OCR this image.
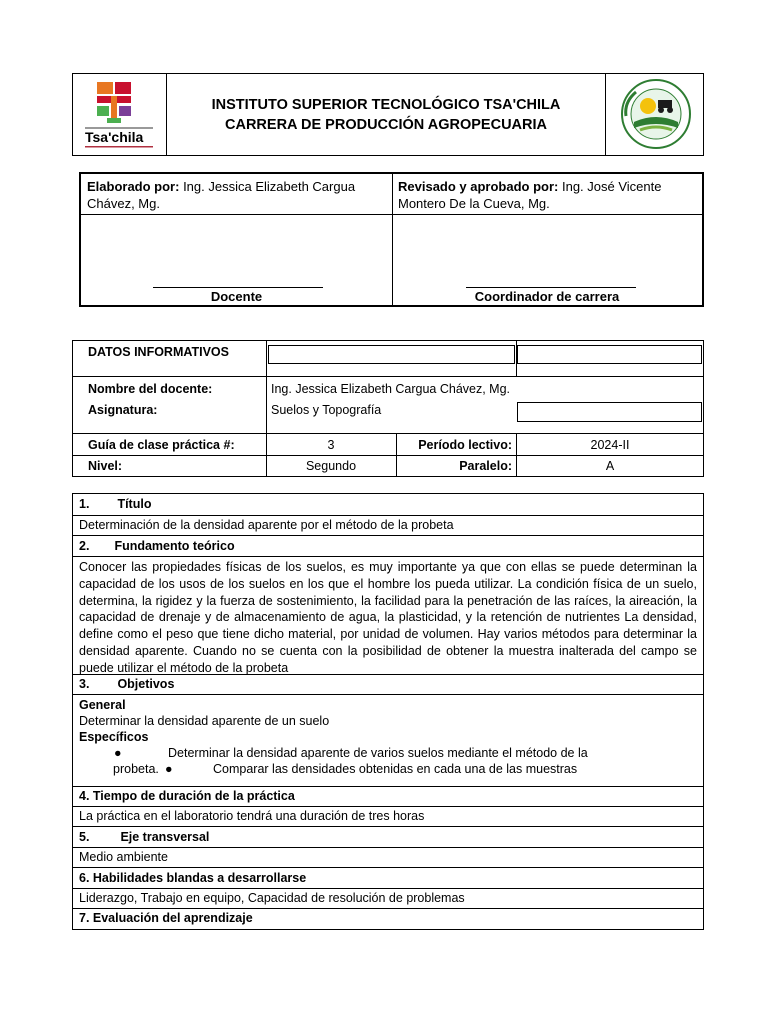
Tsa'chila
INSTITUTO SUPERIOR TECNOLÓGICO TSA'CHILA
CARRERA DE PRODUCCIÓN AGROPECUARIA
Elaborado por: Ing. Jessica Elizabeth Cargua Chávez, Mg.
Docente
Revisado y aprobado por: Ing. José Vicente Montero De la Cueva, Mg.
Coordinador de carrera
DATOS INFORMATIVOS
Nombre del docente:	Ing. Jessica Elizabeth Cargua Chávez, Mg.
Asignatura:	Suelos y Topografía
Guía de clase práctica #:	3	Período lectivo:	2024-II
Nivel:	Segundo	Paralelo:	A
1. Título
Determinación de la densidad aparente por el método de la probeta
2. Fundamento teórico
Conocer las propiedades físicas de los suelos, es muy importante ya que con ellas se puede determinan la capacidad de los usos de los suelos en los que el hombre los pueda utilizar. La condición física de un suelo, determina, la rigidez y la fuerza de sostenimiento, la facilidad para la penetración de las raíces, la aireación, la capacidad de drenaje y de almacenamiento de agua, la plasticidad, y la retención de nutrientes La densidad, define como el peso que tiene dicho material, por unidad de volumen. Hay varios métodos para determinar la densidad aparente. Cuando no se cuenta con la posibilidad de obtener la muestra inalterada del campo se puede utilizar el método de la probeta
3. Objetivos
General
Determinar la densidad aparente de un suelo
Específicos
●	Determinar la densidad aparente de varios suelos mediante el método de la
probeta. ●	Comparar las densidades obtenidas en cada una de las muestras
4. Tiempo de duración de la práctica
La práctica en el laboratorio tendrá una duración de tres horas
5. Eje transversal
Medio ambiente
6. Habilidades blandas a desarrollarse
Liderazgo, Trabajo en equipo, Capacidad de resolución de problemas
7. Evaluación del aprendizaje
